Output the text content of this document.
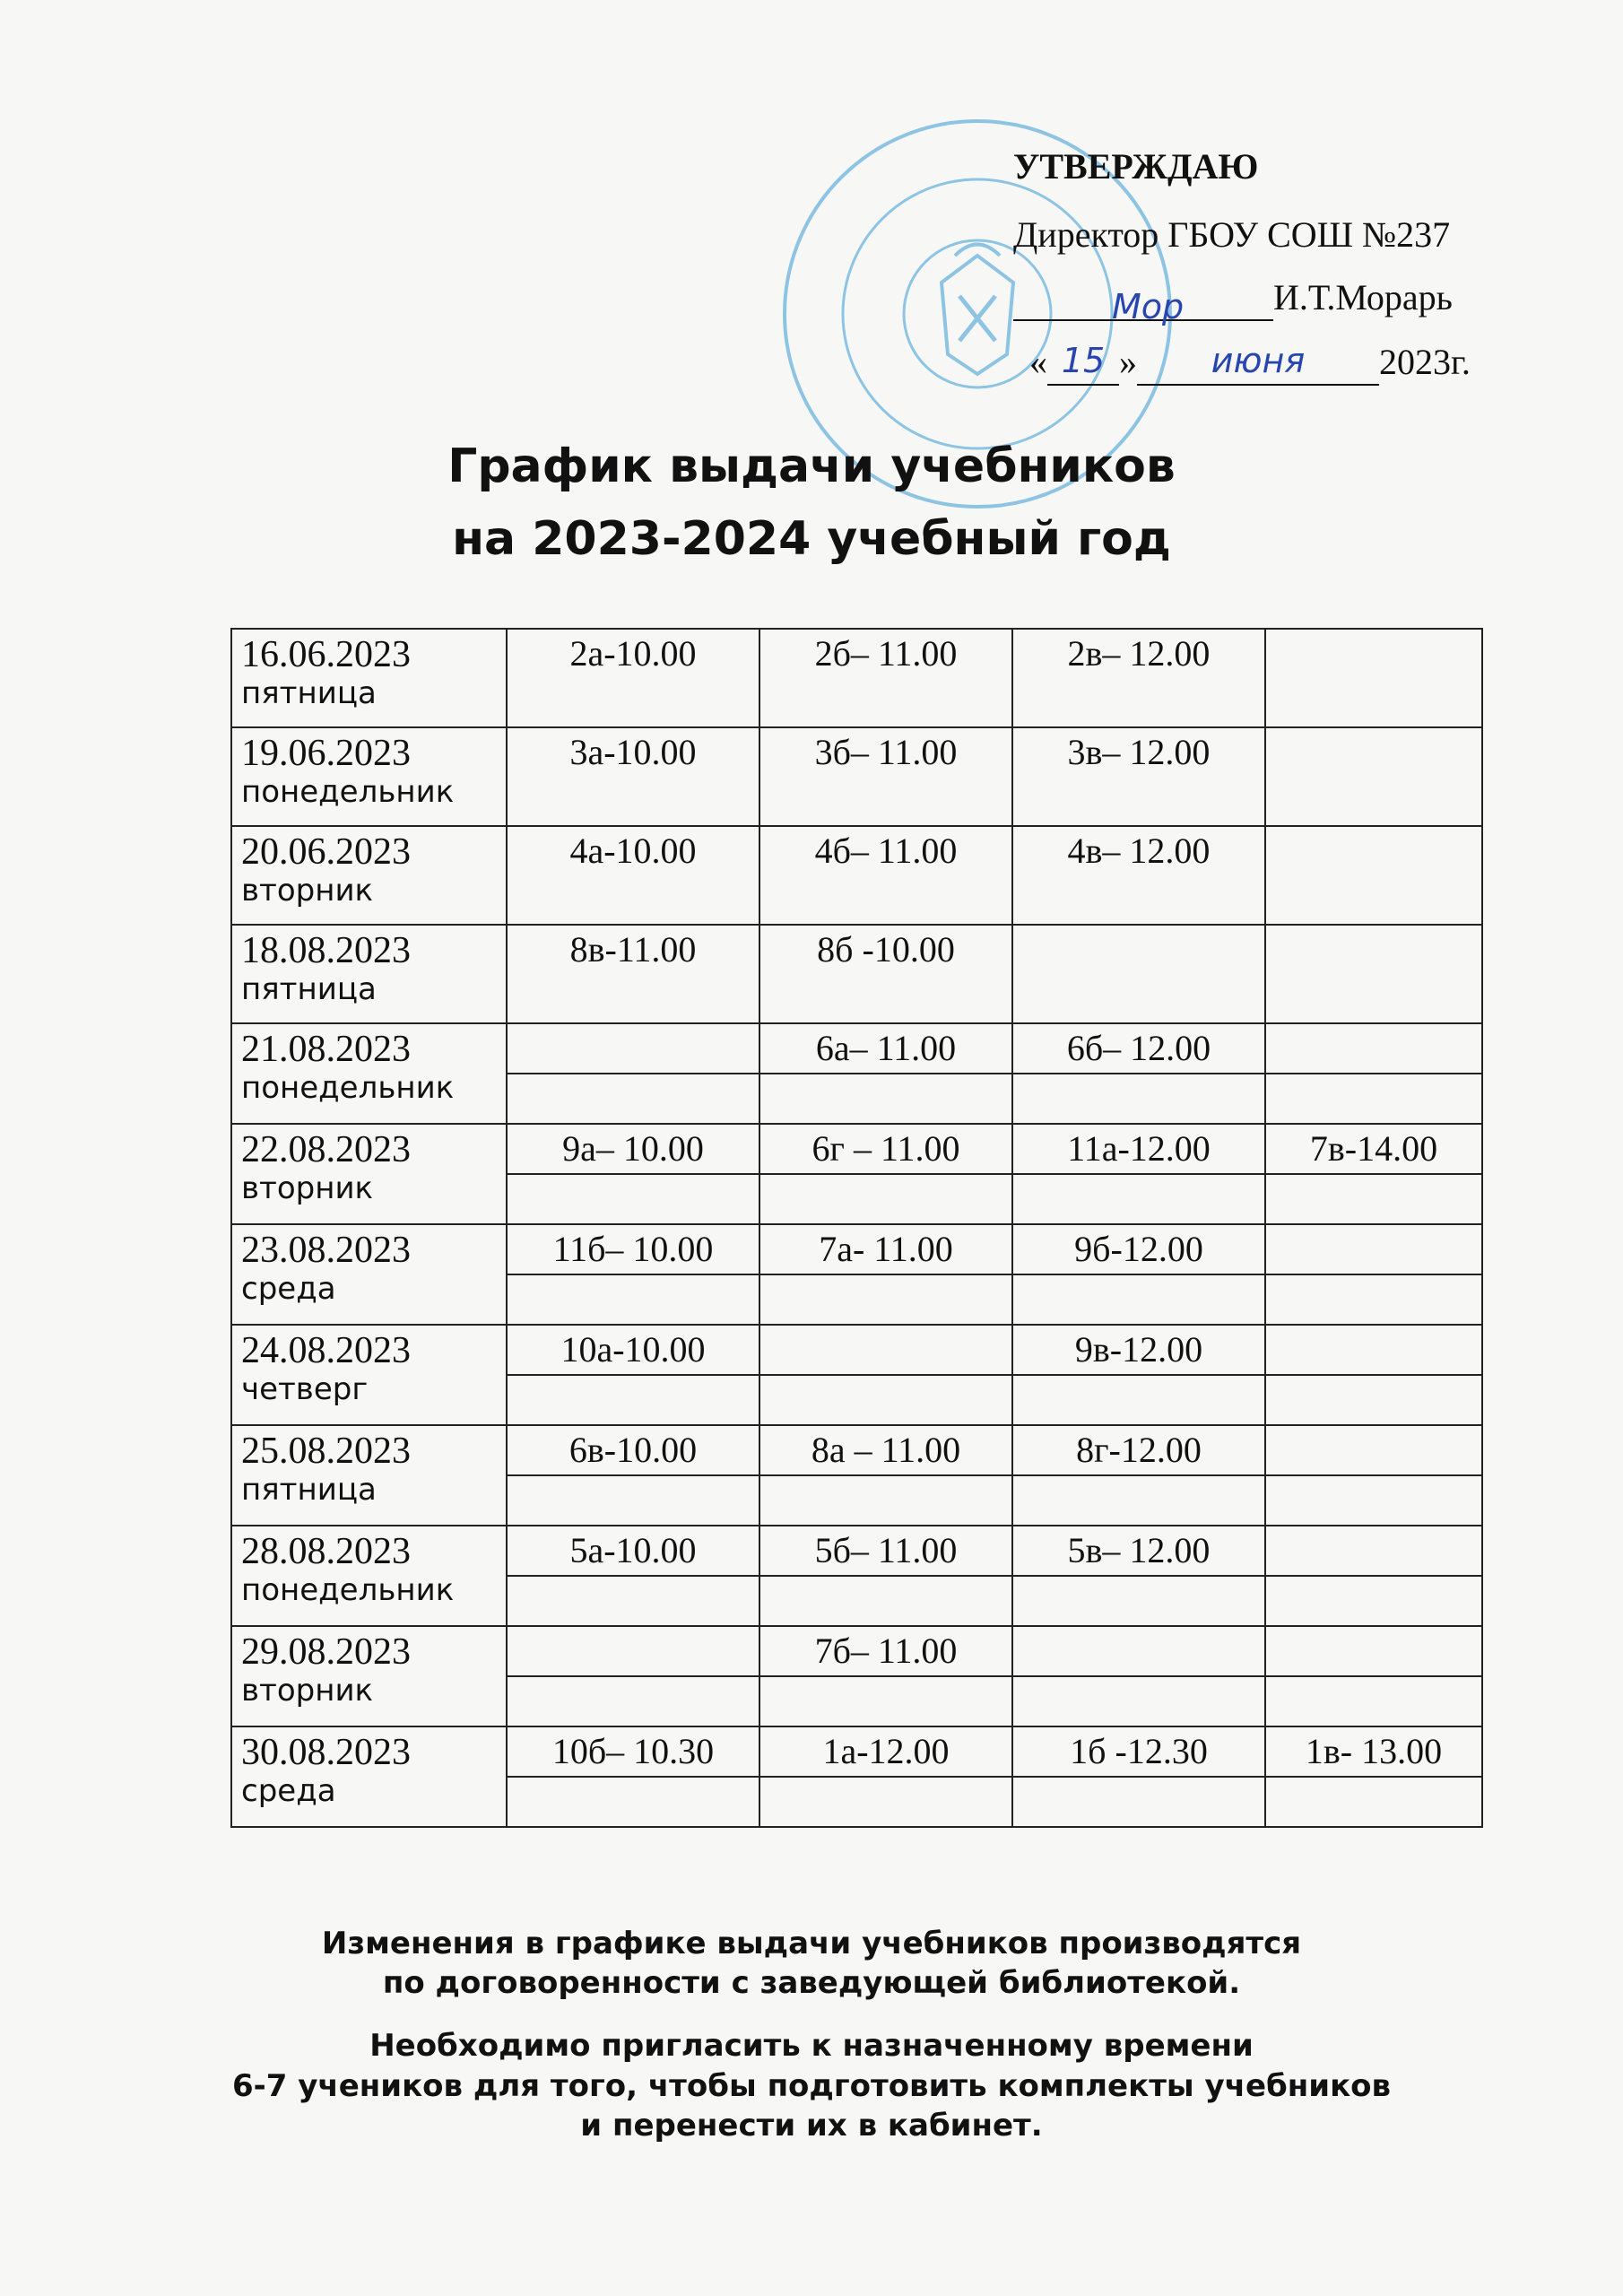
УТВЕРЖДАЮ
Директор ГБОУ СОШ №237
Мор И.Т.Морарь
« 15 » июня 2023г.
График выдачи учебников
на 2023-2024 учебный год
16.06.2023
пятница	2а-10.00	2б– 11.00	2в– 12.00	

19.06.2023
понедельник	3а-10.00	3б– 11.00	3в– 12.00	

20.06.2023
вторник	4а-10.00	4б– 11.00	4в– 12.00	

18.08.2023
пятница	8в-11.00	8б -10.00		

21.08.2023
понедельник		6а– 11.00	6б– 12.00	

22.08.2023
вторник	9а– 10.00	6г – 11.00	11а-12.00	7в-14.00

23.08.2023
среда	11б– 10.00	7а- 11.00	9б-12.00	

24.08.2023
четверг	10а-10.00		9в-12.00	

25.08.2023
пятница	6в-10.00	8а – 11.00	8г-12.00	

28.08.2023
понедельник	5а-10.00	5б– 11.00	5в– 12.00	

29.08.2023
вторник		7б– 11.00		

30.08.2023
среда	10б– 10.30	1а-12.00	1б -12.30	1в- 13.00

Изменения в графике выдачи учебников производятся
по договоренности с заведующей библиотекой.

Необходимо пригласить к назначенному времени
6-7 учеников для того, чтобы подготовить комплекты учебников
и перенести их в кабинет.
